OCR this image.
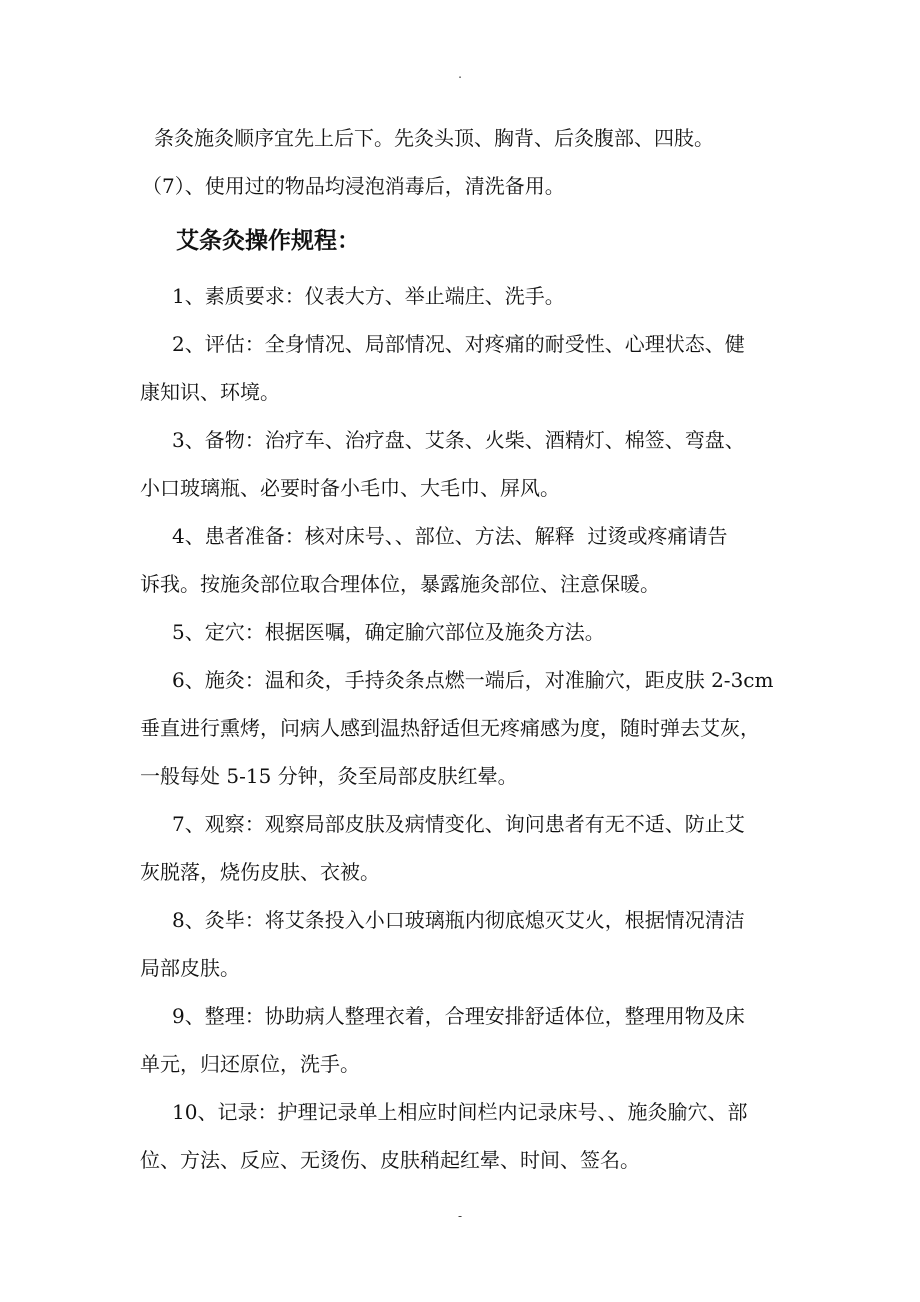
.
条灸施灸顺序宜先上后下。先灸头顶、胸背、后灸腹部、四肢。
（7）、使用过的物品均浸泡消毒后，清洗备用。
艾条灸操作规程：
1、素质要求：仪表大方、举止端庄、洗手。
2、评估：全身情况、局部情况、对疼痛的耐受性、心理状态、健
康知识、环境。
3、备物：治疗车、治疗盘、艾条、火柴、酒精灯、棉签、弯盘、
小口玻璃瓶、必要时备小毛巾、大毛巾、屏风。
4、患者准备：核对床号、、部位、方法、解释  过烫或疼痛请告
诉我。按施灸部位取合理体位，暴露施灸部位、注意保暖。
5、定穴：根据医嘱，确定腧穴部位及施灸方法。
6、施灸：温和灸，手持灸条点燃一端后，对准腧穴，距皮肤 2-3cm
垂直进行熏烤，问病人感到温热舒适但无疼痛感为度，随时弹去艾灰，
一般每处 5-15 分钟，灸至局部皮肤红晕。
7、观察：观察局部皮肤及病情变化、询问患者有无不适、防止艾
灰脱落，烧伤皮肤、衣被。
8、灸毕：将艾条投入小口玻璃瓶内彻底熄灭艾火，根据情况清洁
局部皮肤。
9、整理：协助病人整理衣着，合理安排舒适体位，整理用物及床
单元，归还原位，洗手。
10、记录：护理记录单上相应时间栏内记录床号、、施灸腧穴、部
位、方法、反应、无烫伤、皮肤稍起红晕、时间、签名。
-
